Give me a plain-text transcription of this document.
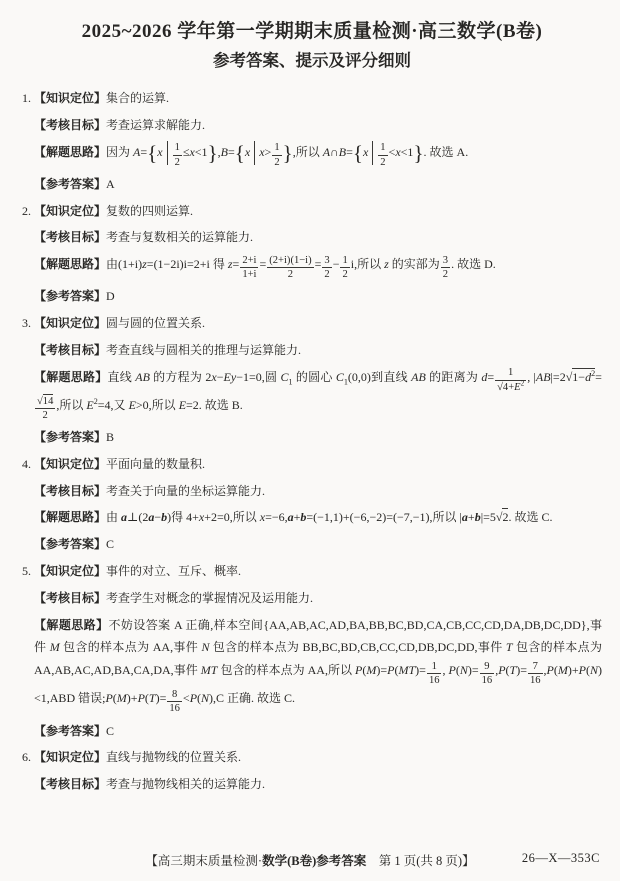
2025~2026 学年第一学期期末质量检测·高三数学(B卷)
参考答案、提示及评分细则
1. 【知识定位】集合的运算.
【考核目标】考查运算求解能力.
【解题思路】因为 $A=\{x \frac{1}{2} \le x<1\},B=\{x$ $x> \frac{1}{2}$ },所以 A∩B={x $\frac{1}{2} <x<1$}. 故选 A.
【参考答案】A
2. 【知识定位】复数的四则运算.
【考核目标】考查与复数相关的运算能力.
【解题思路】由(1+i)z=(1−2i)i=2+i 得 $z= \frac{2+i}{1+i} = \frac{(2+i)(1-i)}{2} = \frac{3}{2} - \frac{1}{2} i$,所以 z 的实部为 $\frac{3}{2}$ . 故选 D.
【参考答案】D
3. 【知识定位】圆与圆的位置关系.
【考核目标】考查直线与圆相关的推理与运算能力.
【解题思路】直线 AB 的方程为 2x−Ey−1=0,圆 $C_1$ 的圆心 $C_1(0,0)$到直线 AB 的距离为 $d= \frac{1}{√4+E^2}$ , $|AB|=2√1-d^2=$
$\frac{√14}{2}$ ,所以 $E^2=4$,又 E>0,所以 E=2. 故选 B.
【参考答案】B
4. 【知识定位】平面向量的数量积.
【考核目标】考查关于向量的坐标运算能力.
【解题思路】由 a⊥(2a−b)得 4+x+2=0,所以 x=−6,a+b=(−1,1)+(−6,−2)=(−7,−1),所以 |a+b|=5√2. 故选 C.
【参考答案】C
5. 【知识定位】事件的对立、互斥、概率.
【考核目标】考查学生对概念的掌握情况及运用能力.
【解题思路】不妨设答案 A 正确,样本空间{AA,AB,AC,AD,BA,BB,BC,BD,CA,CB,CC,CD,DA,DB,DC,DD},事件 M 包含的样本点为 AA,事件 N 包含的样本点为 BB,BC,BD,CB,CC,CD,DB,DC,DD,事件 T 包含的样本点为 AA,AB,AC,AD,BA,CA,DA,事件 MT 包含的样本点为 AA,所以 $P(M)=P(MT)= \frac{1}{16}$ , $P(N)= \frac{9}{16} ,P(T)= \frac{7}{16} ,P(M)+P(N)<1,ABD$ 错误;P(M)+P(T)= $\frac{8}{16} <P(N),C$ 正确. 故选 C.
【参考答案】C
6. 【知识定位】直线与抛物线的位置关系.
【考核目标】考查与抛物线相关的运算能力.
【高三期末质量检测·数学(B卷)参考答案　第 1 页(共 8 页)】	26—X—353C
